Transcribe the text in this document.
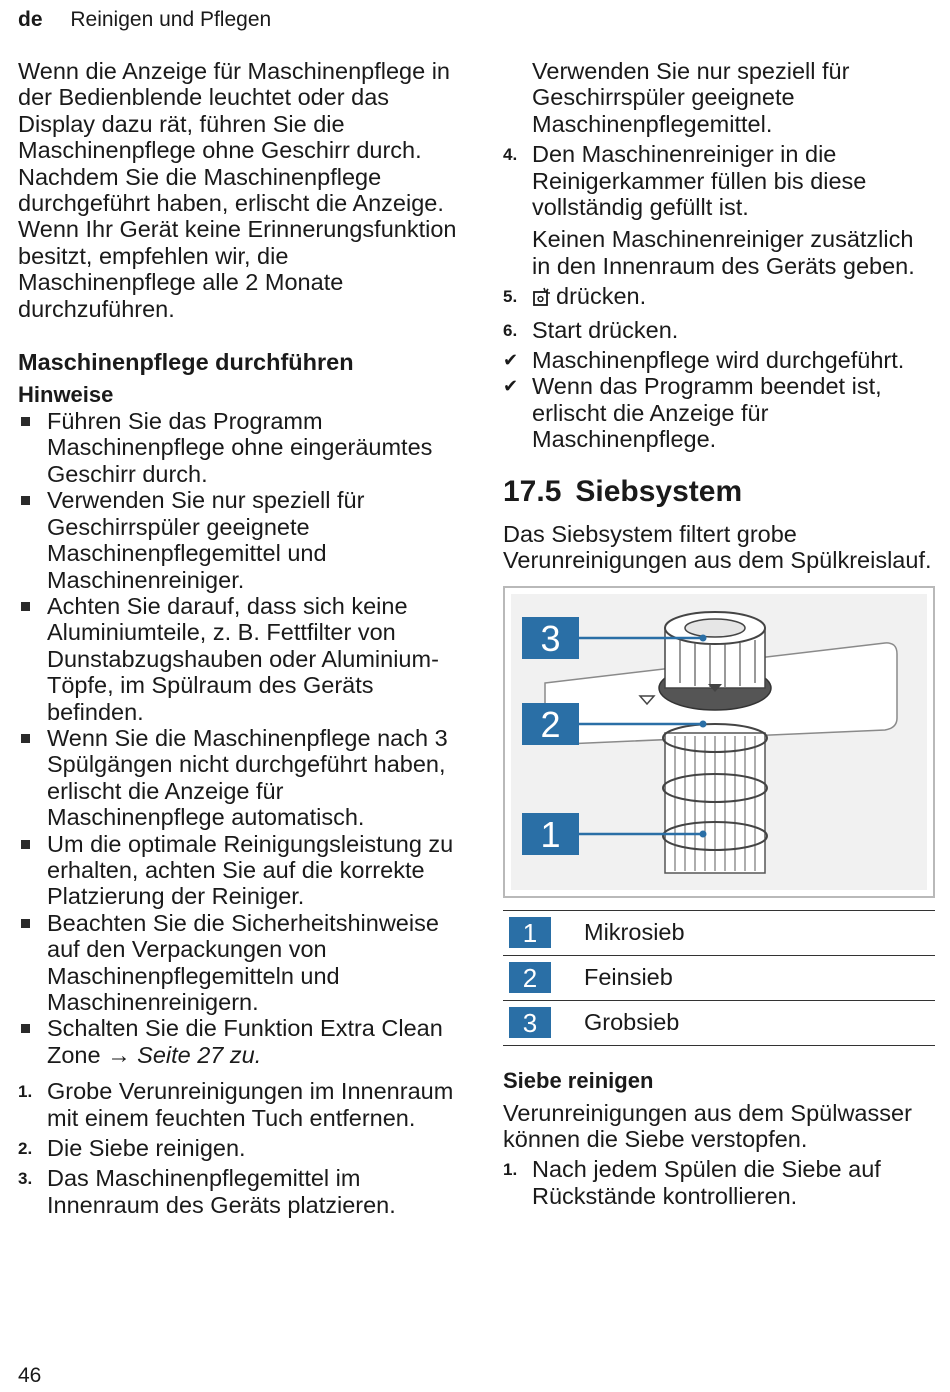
de Reinigen und Pflegen

Wenn die Anzeige für Maschinenpflege in der Bedienblende leuchtet oder das Display dazu rät, führen Sie die Maschinenpflege ohne Geschirr durch. Nachdem Sie die Maschinenpflege durchgeführt haben, erlischt die Anzeige. Wenn Ihr Gerät keine Erinnerungsfunktion besitzt, empfehlen wir, die Maschinenpflege alle 2 Monate durchzuführen.

Maschinenpflege durchführen
Hinweise
Führen Sie das Programm Maschinenpflege ohne eingeräumtes Geschirr durch.
Verwenden Sie nur speziell für Geschirrspüler geeignete Maschinenpflegemittel und Maschinenreiniger.
Achten Sie darauf, dass sich keine Aluminiumteile, z. B. Fettfilter von Dunstabzugshauben oder Aluminium-Töpfe, im Spülraum des Geräts befinden.
Wenn Sie die Maschinenpflege nach 3 Spülgängen nicht durchgeführt haben, erlischt die Anzeige für Maschinenpflege automatisch.
Um die optimale Reinigungsleistung zu erhalten, achten Sie auf die korrekte Platzierung der Reiniger.
Beachten Sie die Sicherheitshinweise auf den Verpackungen von Maschinenpflegemitteln und Maschinenreinigern.
Schalten Sie die Funktion Extra Clean Zone → Seite 27 zu.
1. Grobe Verunreinigungen im Innenraum mit einem feuchten Tuch entfernen.
2. Die Siebe reinigen.
3. Das Maschinenpflegemittel im Innenraum des Geräts platzieren.

Verwenden Sie nur speziell für Geschirrspüler geeignete Maschinenpflegemittel.

4. Den Maschinenreiniger in die Reinigerkammer füllen bis diese vollständig gefüllt ist.

Keinen Maschinenreiniger zusätzlich in den Innenraum des Geräts geben.

5. drücken.
6. Start drücken.
✔ Maschinenpflege wird durchgeführt.
✔ Wenn das Programm beendet ist, erlischt die Anzeige für Maschinenpflege.
17.5 Siebsystem

Das Siebsystem filtert grobe Verunreinigungen aus dem Spülkreislauf.

3
2
1
1	Mikrosieb
2	Feinsieb
3	Grobsieb
Siebe reinigen

Verunreinigungen aus dem Spülwasser können die Siebe verstopfen.

1. Nach jedem Spülen die Siebe auf Rückstände kontrollieren.
46
